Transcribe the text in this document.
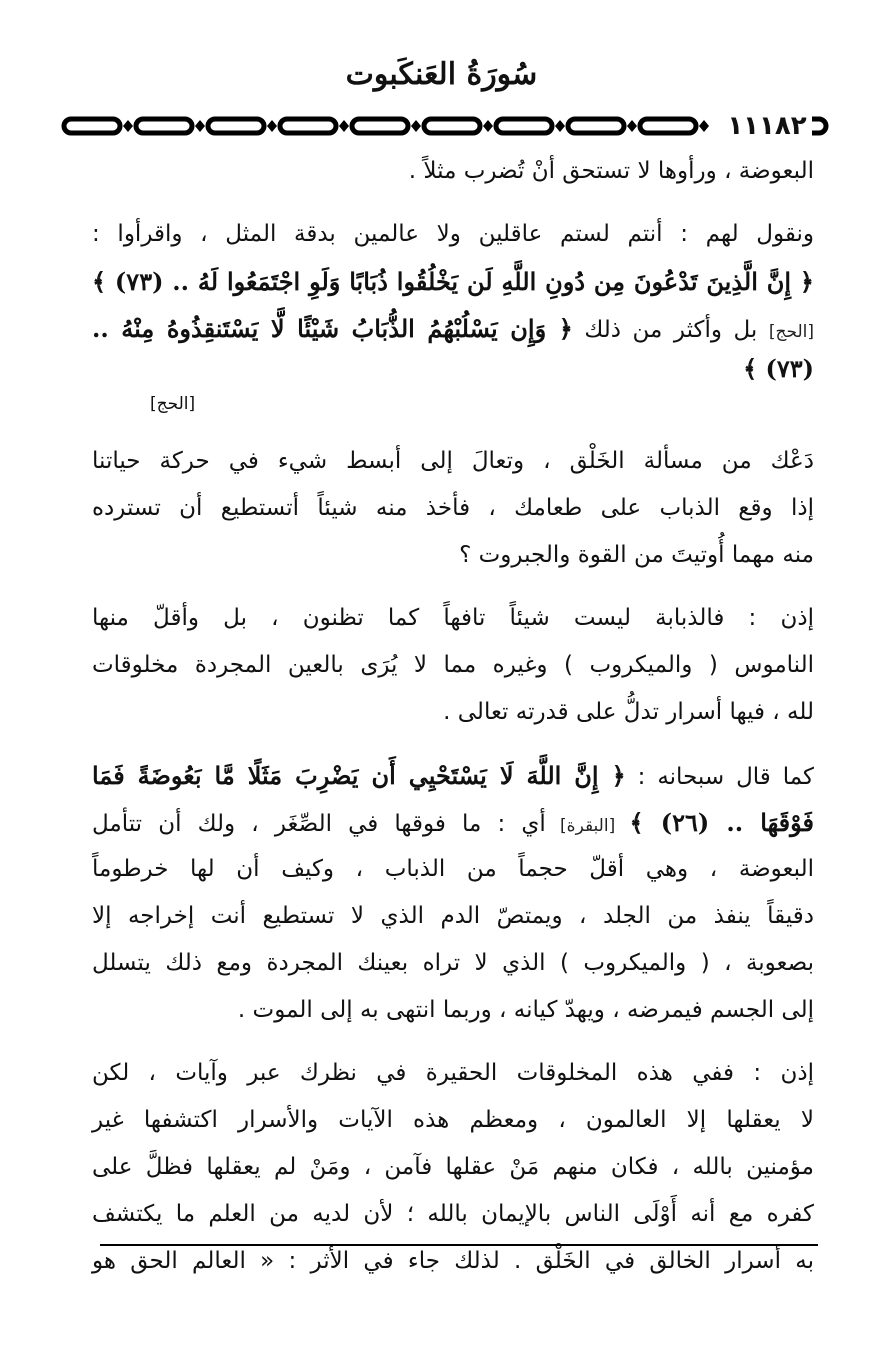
سُورَةُ العَنكَبوت
١١١٨٢
البعوضة ، ورأوها لا تستحق أنْ تُضرب مثلاً .
ونقول لهم : أنتم لستم عاقلين ولا عالمين بدقة المثل ، واقرأوا :
﴿ إِنَّ الَّذِينَ تَدْعُونَ مِن دُونِ اللَّهِ لَن يَخْلُقُوا ذُبَابًا وَلَوِ اجْتَمَعُوا لَهُ .. (٧٣) ﴾
[الحج] بل وأكثر من ذلك ﴿ وَإِن يَسْلُبْهُمُ الذُّبَابُ شَيْئًا لَّا يَسْتَنقِذُوهُ مِنْهُ ..
(٧٣) ﴾
[الحج]
دَعْك من مسألة الخَلْق ، وتعالَ إلى أبسط شيء في حركة حياتنا
إذا وقع الذباب على طعامك ، فأخذ منه شيئاً أتستطيع أن تسترده
منه مهما أُوتيتَ من القوة والجبروت ؟
إذن : فالذبابة ليست شيئاً تافهاً كما تظنون ، بل وأقلّ منها
الناموس ( والميكروب ) وغيره مما لا يُرَى بالعين المجردة مخلوقات
لله ، فيها أسرار تدلُّ على قدرته تعالى .
كما قال سبحانه : ﴿ إِنَّ اللَّهَ لَا يَسْتَحْيِي أَن يَضْرِبَ مَثَلًا مَّا بَعُوضَةً فَمَا
فَوْقَهَا .. (٢٦) ﴾ [البقرة] أي : ما فوقها في الصِّغَر ، ولك أن تتأمل
البعوضة ، وهي أقلّ حجماً من الذباب ، وكيف أن لها خرطوماً
دقيقاً ينفذ من الجلد ، ويمتصّ الدم الذي لا تستطيع أنت إخراجه إلا
بصعوبة ، ( والميكروب ) الذي لا تراه بعينك المجردة ومع ذلك يتسلل
إلى الجسم فيمرضه ، ويهدّ كيانه ، وربما انتهى به إلى الموت .
إذن : ففي هذه المخلوقات الحقيرة في نظرك عبر وآيات ، لكن
لا يعقلها إلا العالمون ، ومعظم هذه الآيات والأسرار اكتشفها غير
مؤمنين بالله ، فكان منهم مَنْ عقلها فآمن ، ومَنْ لم يعقلها فظلَّ على
كفره مع أنه أَوْلَى الناس بالإيمان بالله ؛ لأن لديه من العلم ما يكتشف
به أسرار الخالق في الخَلْق . لذلك جاء في الأثر : « العالم الحق هو
